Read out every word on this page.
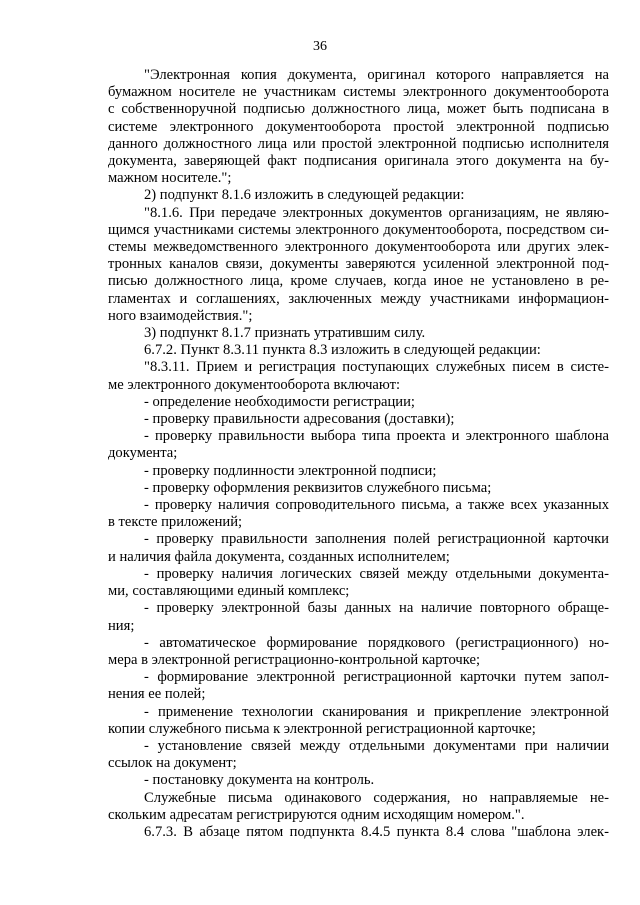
36
"Электронная копия документа, оригинал которого направляется на
бумажном носителе не участникам системы электронного документооборота
с собственноручной подписью должностного лица, может быть подписана в
системе электронного документооборота простой электронной подписью
данного должностного лица или простой электронной подписью исполнителя
документа, заверяющей факт подписания оригинала этого документа на бу-
мажном носителе.";
2) подпункт 8.1.6 изложить в следующей редакции:
"8.1.6. При передаче электронных документов организациям, не являю-
щимся участниками системы электронного документооборота, посредством си-
стемы межведомственного электронного документооборота или других элек-
тронных каналов связи, документы заверяются усиленной электронной под-
писью должностного лица, кроме случаев, когда иное не установлено в ре-
гламентах и соглашениях, заключенных между участниками информацион-
ного взаимодействия.";
3) подпункт 8.1.7 признать утратившим силу.
6.7.2. Пункт 8.3.11 пункта 8.3 изложить в следующей редакции:
"8.3.11. Прием и регистрация поступающих служебных писем в систе-
ме электронного документооборота включают:
- определение необходимости регистрации;
- проверку правильности адресования (доставки);
- проверку правильности выбора типа проекта и электронного шаблона
документа;
- проверку подлинности электронной подписи;
- проверку оформления реквизитов служебного письма;
- проверку наличия сопроводительного письма, а также всех указанных
в тексте приложений;
- проверку правильности заполнения полей регистрационной карточки
и наличия файла документа, созданных исполнителем;
- проверку наличия логических связей между отдельными документа-
ми, составляющими единый комплекс;
- проверку электронной базы данных на наличие повторного обраще-
ния;
- автоматическое формирование порядкового (регистрационного) но-
мера в электронной регистрационно-контрольной карточке;
- формирование электронной регистрационной карточки путем запол-
нения ее полей;
- применение технологии сканирования и прикрепление электронной
копии служебного письма к электронной регистрационной карточке;
- установление связей между отдельными документами при наличии
ссылок на документ;
- постановку документа на контроль.
Служебные письма одинакового содержания, но направляемые не-
скольким адресатам регистрируются одним исходящим номером.".
6.7.3. В абзаце пятом подпункта 8.4.5 пункта 8.4 слова "шаблона элек-
